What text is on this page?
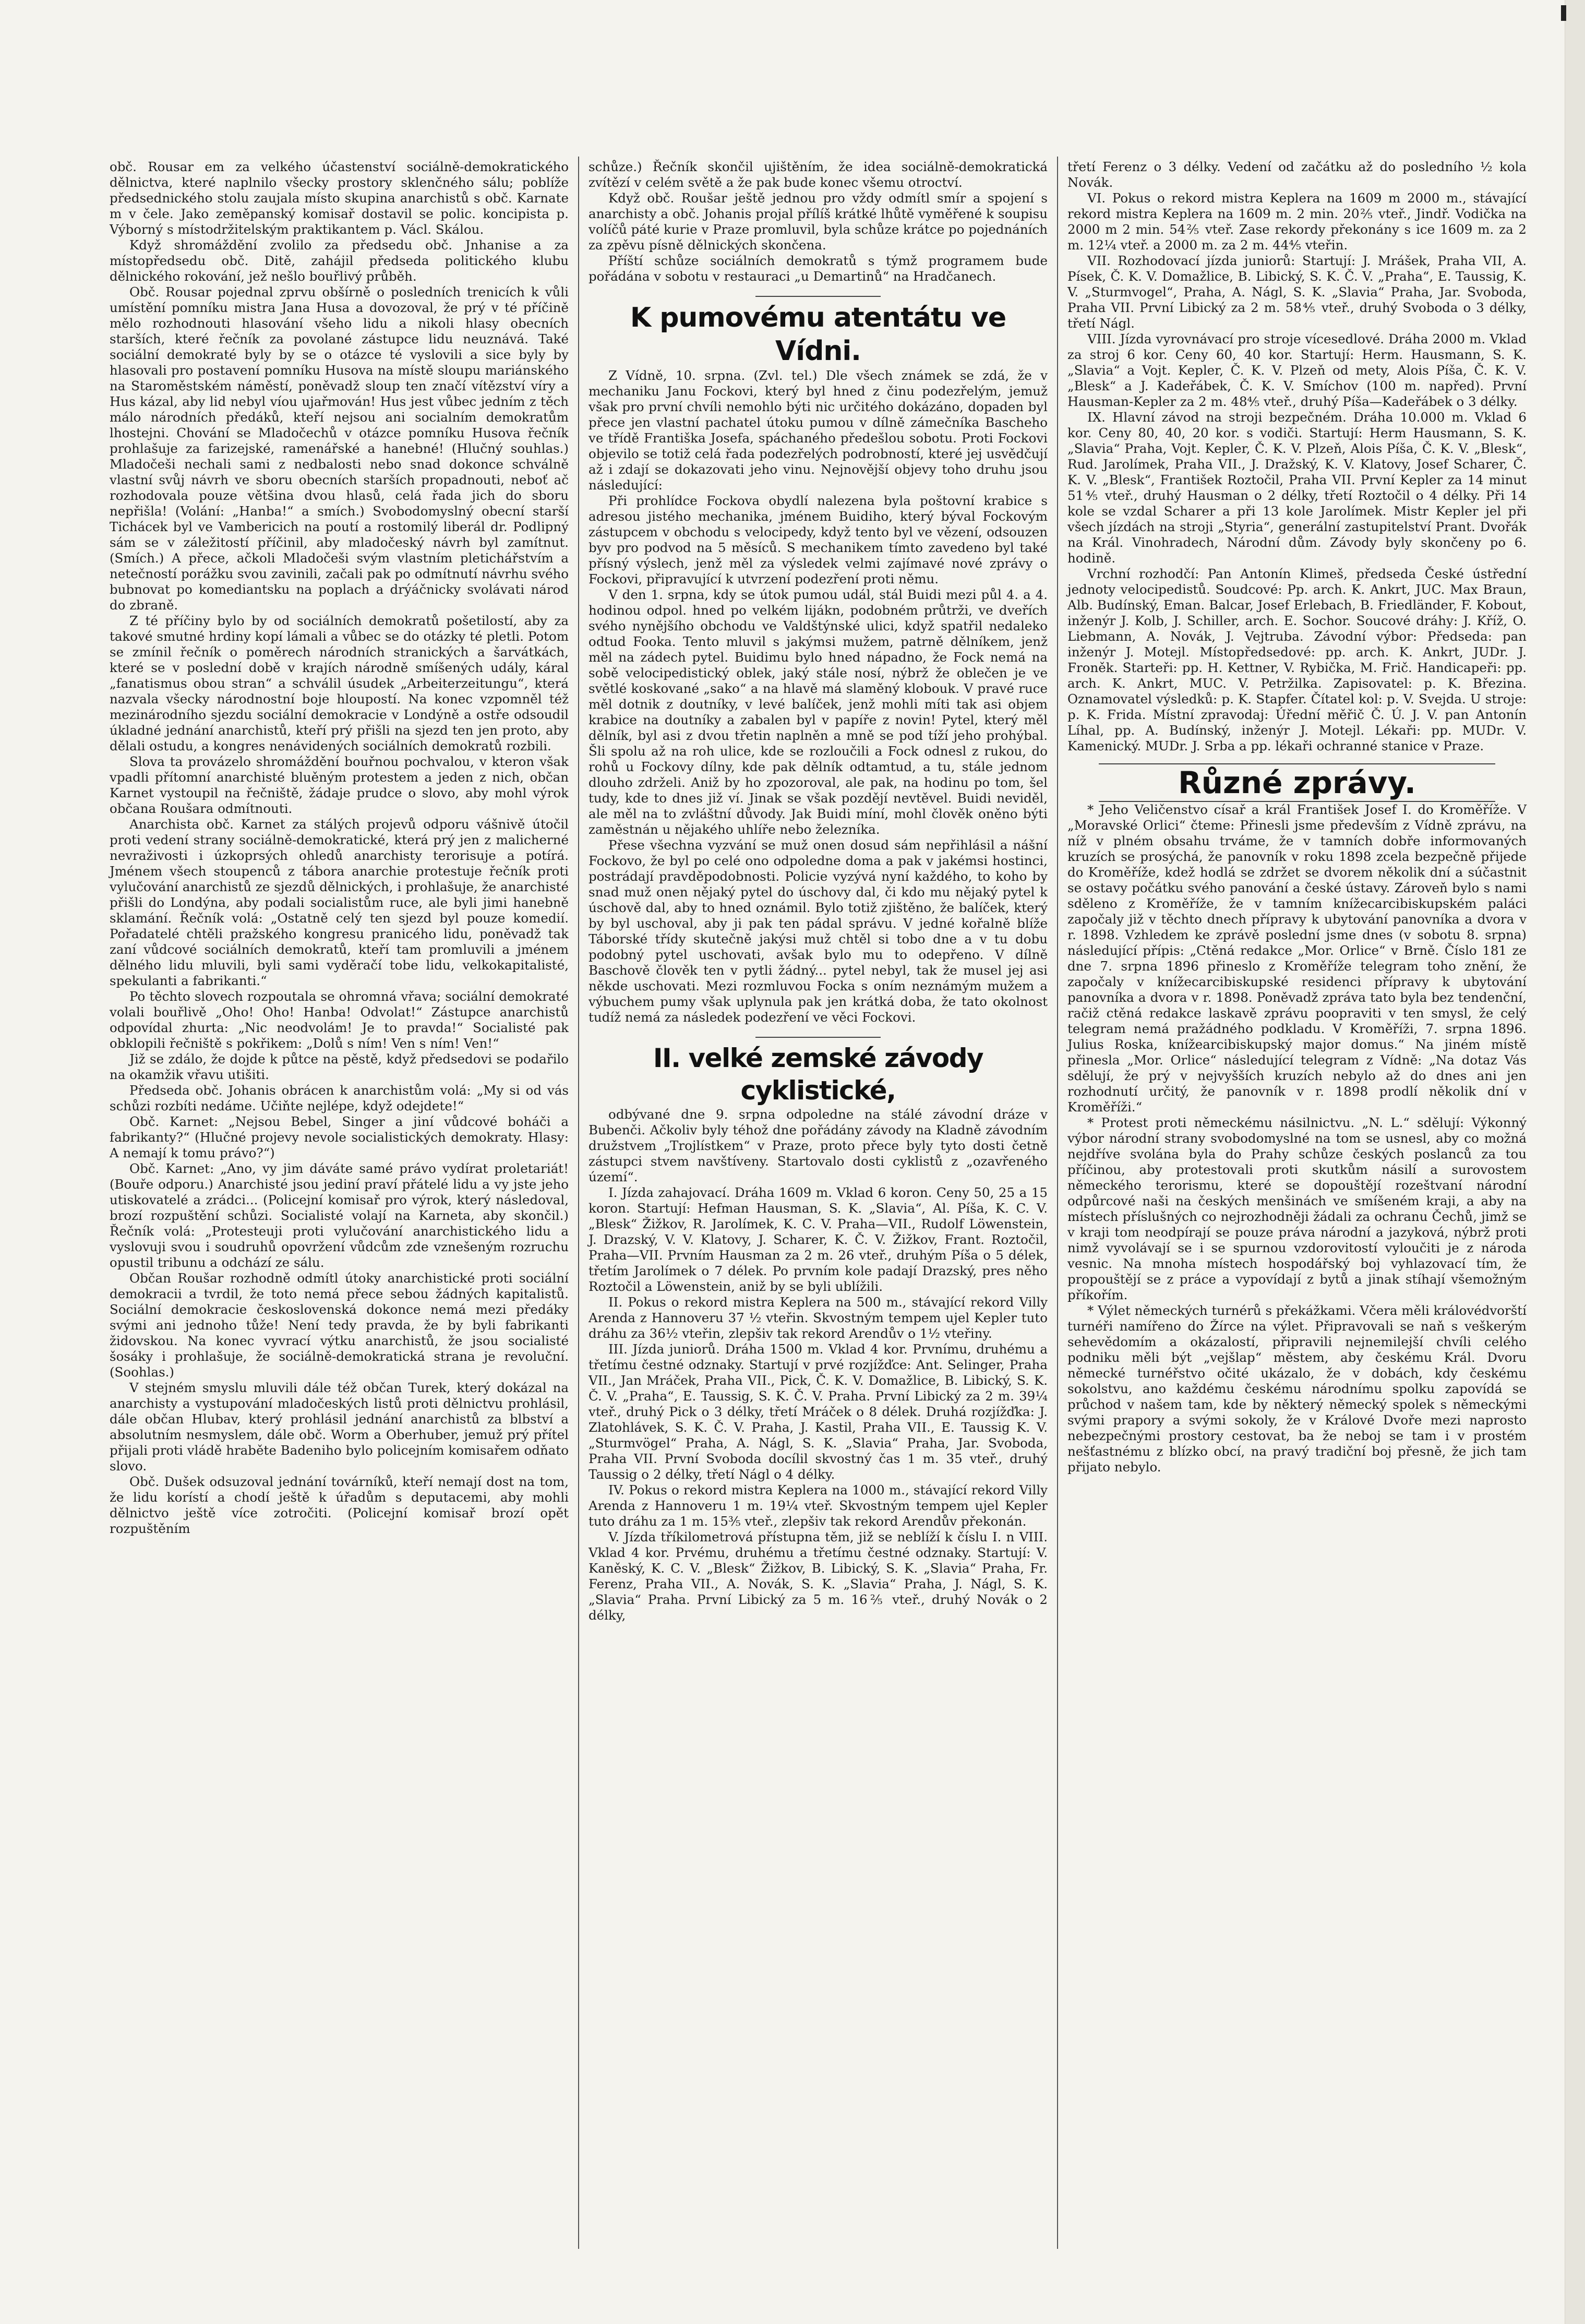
obč. Rousar em za velkého účastenství sociálně-demokratického dělnictva, které naplnilo všecky prostory sklenčného sálu; poblíže předsednického stolu zaujala místo skupina anarchistů s obč. Karnate m v čele. Jako zeměpanský komisař dostavil se polic. koncipista p. Výborný s místodržitelským praktikantem p. Václ. Skálou.

Když shromáždění zvolilo za předsedu obč. Jnhanise a za místopředsedu obč. Ditě, zahájil předseda politického klubu dělnického rokování, jež nešlo bouřlivý průběh.

Obč. Rousar pojednal zprvu obšírně o posledních trenicích k vůli umístění pomníku mistra Jana Husa a dovozoval, že prý v té příčině mělo rozhodnouti hlasování všeho lidu a nikoli hlasy obecních starších, které řečník za povolané zástupce lidu neuznává. Také sociální demokraté byly by se o otázce té vyslovili a sice byly by hlasovali pro postavení pomníku Husova na místě sloupu mariánského na Staroměstském náměstí, poněvadž sloup ten značí vítězství víry a Hus kázal, aby lid nebyl víou ujařmován! Hus jest vůbec jedním z těch málo národních předáků, kteří nejsou ani socialním demokratům lhostejni. Chování se Mladočechů v otázce pomníku Husova řečník prohlašuje za farizejské, ramenářské a hanebné! (Hlučný souhlas.) Mladočeši nechali sami z nedbalosti nebo snad dokonce schválně vlastní svůj návrh ve sboru obecních starších propadnouti, neboť ač rozhodovala pouze většina dvou hlasů, celá řada jich do sboru nepřišla! (Volání: „Hanba!“ a smích.) Svobodomyslný obecní starší Tichácek byl ve Vambericich na poutí a rostomilý liberál dr. Podlipný sám se v záležitostí příčinil, aby mladočeský návrh byl zamítnut. (Smích.) A přece, ačkoli Mladočeši svým vlastním pletichářstvím a netečností porážku svou zavinili, začali pak po odmítnutí návrhu svého bubnovat po komediantsku na poplach a drýáčnicky svolávati národ do zbraně.

Z té příčiny bylo by od sociálních demokratů pošetilostí, aby za takové smutné hrdiny kopí lámali a vůbec se do otázky té pletli. Potom se zmínil řečník o poměrech národních stranických a šarvátkách, které se v poslední době v krajích národně smíšených udály, káral „fanatismus obou stran“ a schválil úsudek „Arbeiterzeitungu“, která nazvala všecky národnostní boje hloupostí. Na konec vzpomněl též mezinárodního sjezdu sociální demokracie v Londýně a ostře odsoudil úkladné jednání anarchistů, kteří prý přišli na sjezd ten jen proto, aby dělali ostudu, a kongres nenávidených sociálních demokratů rozbili.

Slova ta provázelo shromáždění bouřnou pochvalou, v kteron však vpadli přítomní anarchisté bluěným protestem a jeden z nich, občan Karnet vystoupil na řečniště, žádaje prudce o slovo, aby mohl výrok občana Roušara odmítnouti.

Anarchista obč. Karnet za stálých projevů odporu vášnivě útočil proti vedení strany sociálně-demokratické, která prý jen z malicherné nevraživosti i úzkoprsých ohledů anarchisty terorisuje a potírá. Jménem všech stoupenců z tábora anarchie protestuje řečník proti vylučování anarchistů ze sjezdů dělnických, i prohlašuje, že anarchisté přišli do Londýna, aby podali socialistům ruce, ale byli jimi hanebně sklamání. Řečník volá: „Ostatně celý ten sjezd byl pouze komedií. Pořadatelé chtěli pražského kongresu pranicého lidu, poněvadž tak zaní vůdcové sociálních demokratů, kteří tam promluvili a jménem dělného lidu mluvili, byli sami vyděračí tobe lidu, velkokapitalisté, spekulanti a fabrikanti.“

Po těchto slovech rozpoutala se ohromná vřava; sociální demokraté volali bouřlivě „Oho! Oho! Hanba! Odvolat!“ Zástupce anarchistů odpovídal zhurta: „Nic neodvolám! Je to pravda!“ Socialisté pak obklopili řečniště s pokřikem: „Dolů s ním! Ven s ním! Ven!“

Již se zdálo, že dojde k půtce na pěstě, když předsedovi se podařilo na okamžik vřavu utišiti.

Předseda obč. Johanis obrácen k anarchistům volá: „My si od vás schůzi rozbíti nedáme. Učiňte nejlépe, když odejdete!“

Obč. Karnet: „Nejsou Bebel, Singer a jiní vůdcové boháči a fabrikanty?“ (Hlučné projevy nevole socialistických demokraty. Hlasy: A nemají k tomu právo?“)

Obč. Karnet: „Ano, vy jim dáváte samé právo vydírat proletariát! (Bouře odporu.) Anarchisté jsou jediní praví přátelé lidu a vy jste jeho utiskovatelé a zrádci... (Policejní komisař pro výrok, který následoval, brozí rozpuštění schůzi. Socialisté volají na Karneta, aby skončil.) Řečník volá: „Protesteuji proti vylučování anarchistického lidu a vyslovuji svou i soudruhů opovržení vůdcům zde vznešeným rozruchu opustil tribunu a odchází ze sálu.

Občan Roušar rozhodně odmítl útoky anarchistické proti sociální demokracii a tvrdil, že toto nemá přece sebou žádných kapitalistů. Sociální demokracie československá dokonce nemá mezi předáky svými ani jednoho tůže! Není tedy pravda, že by byli fabrikanti židovskou. Na konec vyvrací výtku anarchistů, že jsou socialisté šosáky i prohlašuje, že sociálně-demokratická strana je revoluční. (Soohlas.)

V stejném smyslu mluvili dále též občan Turek, který dokázal na anarchisty a vystupování mladočeských listů proti dělnictvu prohlásil, dále občan Hlubav, který prohlásil jednání anarchistů za blbství a absolutním nesmyslem, dále obč. Worm a Oberhuber, jemuž prý přítel přijali proti vládě hraběte Badeniho bylo policejním komisařem odňato slovo.

Obč. Dušek odsuzoval jednání továrníků, kteří nemají dost na tom, že lidu korístí a chodí ještě k úřadům s deputacemi, aby mohli dělnictvo ještě více zotročiti. (Policejní komisař brozí opět rozpuštěním

schůze.) Řečník skončil ujištěním, že idea sociálně-demokratická zvítězí v celém světě a že pak bude konec všemu otroctví.

Když obč. Roušar ještě jednou pro vždy odmítl smír a spojení s anarchisty a obč. Johanis projal přílíš krátké lhůtě vyměřené k soupisu volíčů páté kurie v Praze promluvil, byla schůze krátce po pojednáních za zpěvu písně dělnických skončena.

Příští schůze sociálních demokratů s týmž programem bude pořádána v sobotu v restauraci „u Demartinů“ na Hradčanech.

K pumovému atentátu ve Vídni.

Z Vídně, 10. srpna. (Zvl. tel.) Dle všech známek se zdá, že v mechaniku Janu Fockovi, který byl hned z činu podezřelým, jemuž však pro první chvíli nemohlo býti nic určitého dokázáno, dopaden byl přece jen vlastní pachatel útoku pumou v dílně zámečníka Bascheho ve třídě Františka Josefa, spáchaného předešlou sobotu. Proti Fockovi objevilo se totiž celá řada podezřelých podrobností, které jej usvědčují až i zdají se dokazovati jeho vinu. Nejnovější objevy toho druhu jsou následující:

Při prohlídce Fockova obydlí nalezena byla poštovní krabice s adresou jistého mechanika, jménem Buidiho, který býval Fockovým zástupcem v obchodu s velocipedy, když tento byl ve vězení, odsouzen byv pro podvod na 5 měsíců. S mechanikem tímto zavedeno byl také přísný výslech, jenž měl za výsledek velmi zajímavé nové zprávy o Fockovi, připravující k utvrzení podezření proti němu.

V den 1. srpna, kdy se útok pumou udál, stál Buidi mezi půl 4. a 4. hodinou odpol. hned po velkém lijákn, podobném průtrži, ve dveřích svého nynějšího obchodu ve Valdštýnské ulici, když spatřil nedaleko odtud Fooka. Tento mluvil s jakýmsi mužem, patrně dělníkem, jenž měl na zádech pytel. Buidimu bylo hned nápadno, že Fock nemá na sobě velocipedistický oblek, jaký stále nosí, nýbrž že oblečen je ve světlé koskované „sako“ a na hlavě má slaměný klobouk. V pravé ruce měl dotnik z doutníky, v levé balíček, jenž mohli míti tak asi objem krabice na doutníky a zabalen byl v papíře z novin! Pytel, který měl dělník, byl asi z dvou třetin naplněn a mně se pod tíží jeho prohýbal. Šli spolu až na roh ulice, kde se rozloučili a Fock odnesl z rukou, do rohů u Fockovy dílny, kde pak dělník odtamtud, a tu, stále jednom dlouho zdrželi. Aniž by ho zpozoroval, ale pak, na hodinu po tom, šel tudy, kde to dnes již ví. Jinak se však pozdějí nevtěvel. Buidi neviděl, ale měl na to zvláštní důvody. Jak Buidi míní, mohl člověk oněno býti zaměstnán u nějakého uhlíře nebo železníka.

Přese všechna vyzvání se muž onen dosud sám nepřihlásil a nášní Fockovo, že byl po celé ono odpoledne doma a pak v jakémsi hostinci, postrádají pravděpodobnosti. Policie vyzývá nyní každého, to koho by snad muž onen nějaký pytel do úschovy dal, či kdo mu nějaký pytel k úschově dal, aby to hned oznámil. Bylo totiž zjištěno, že balíček, který by byl uschoval, aby ji pak ten pádal správu. V jedné kořalně blíže Táborské třídy skutečně jakýsi muž chtěl si tobo dne a v tu dobu podobný pytel uschovati, avšak bylo mu to odepřeno. V dílně Baschově člověk ten v pytli žádný... pytel nebyl, tak že musel jej asi někde uschovati. Mezi rozmluvou Focka s oním neznámým mužem a výbuchem pumy však uplynula pak jen krátká doba, že tato okolnost tudíž nemá za následek podezření ve věci Fockovi.

II. velké zemské závody cyklistické,

odbývané dne 9. srpna odpoledne na stálé závodní dráze v Bubenči. Ačkoliv byly téhož dne pořádány závody na Kladně závodním družstvem „Trojlístkem“ v Praze, proto přece byly tyto dosti četně zástupci stvem navštíveny. Startovalo dosti cyklistů z „ozavřeného území“.

I. Jízda zahajovací. Dráha 1609 m. Vklad 6 koron. Ceny 50, 25 a 15 koron. Startují: Hefman Hausman, S. K. „Slavia“, Al. Píša, K. C. V. „Blesk“ Žižkov, R. Jarolímek, K. C. V. Praha—VII., Rudolf Löwenstein, J. Drazský, V. V. Klatovy, J. Scharer, K. Č. V. Žižkov, Frant. Roztočil, Praha—VII. Prvním Hausman za 2 m. 26 vteř., druhým Píša o 5 délek, třetím Jarolímek o 7 délek. Po prvním kole padají Drazský, pres něho Roztočil a Löwenstein, aniž by se byli ublížili.

II. Pokus o rekord mistra Keplera na 500 m., stávající rekord Villy Arenda z Hannoveru 37 ½ vteřin. Skvostným tempem ujel Kepler tuto dráhu za 36½ vteřin, zlepšiv tak rekord Arendův o 1½ vteřiny.

III. Jízda juniorů. Dráha 1500 m. Vklad 4 kor. Prvnímu, druhému a třetímu čestné odznaky. Startují v prvé rozjížďce: Ant. Selinger, Praha VII., Jan Mráček, Praha VII., Pick, Č. K. V. Domažlice, B. Libický, S. K. Č. V. „Praha“, E. Taussig, S. K. Č. V. Praha. První Libický za 2 m. 39¼ vteř., druhý Pick o 3 délky, třetí Mráček o 8 délek. Druhá rozjížďka: J. Zlatohlávek, S. K. Č. V. Praha, J. Kastil, Praha VII., E. Taussig K. V. „Sturmvögel“ Praha, A. Nágl, S. K. „Slavia“ Praha, Jar. Svoboda, Praha VII. První Svoboda docílil skvostný čas 1 m. 35 vteř., druhý Taussig o 2 délky, třetí Nágl o 4 délky.

IV. Pokus o rekord mistra Keplera na 1000 m., stávající rekord Villy Arenda z Hannoveru 1 m. 19¼ vteř. Skvostným tempem ujel Kepler tuto dráhu za 1 m. 15⅗ vteř., zlepšiv tak rekord Arendův překonán.

V. Jízda tříkilometrová přístupna těm, již se neblíží k číslu I. n VIII. Vklad 4 kor. Prvému, druhému a třetímu čestné odznaky. Startují: V. Kaněský, K. C. V. „Blesk“ Žižkov, B. Libický, S. K. „Slavia“ Praha, Fr. Ferenz, Praha VII., A. Novák, S. K. „Slavia“ Praha, J. Nágl, S. K. „Slavia“ Praha. První Libický za 5 m. 16⅖ vteř., druhý Novák o 2 délky,

třetí Ferenz o 3 délky. Vedení od začátku až do posledního ½ kola Novák.

VI. Pokus o rekord mistra Keplera na 1609 m 2000 m., stávající rekord mistra Keplera na 1609 m. 2 min. 20⅖ vteř., Jindř. Vodička na 2000 m 2 min. 54⅖ vteř. Zase rekordy překonány s ice 1609 m. za 2 m. 12¼ vteř. a 2000 m. za 2 m. 44⅘ vteřin.

VII. Rozhodovací jízda juniorů: Startují: J. Mrášek, Praha VII, A. Písek, Č. K. V. Domažlice, B. Libický, S. K. Č. V. „Praha“, E. Taussig, K. V. „Sturmvogel“, Praha, A. Nágl, S. K. „Slavia“ Praha, Jar. Svoboda, Praha VII. První Libický za 2 m. 58⅘ vteř., druhý Svoboda o 3 délky, třetí Nágl.

VIII. Jízda vyrovnávací pro stroje vícesedlové. Dráha 2000 m. Vklad za stroj 6 kor. Ceny 60, 40 kor. Startují: Herm. Hausmann, S. K. „Slavia“ a Vojt. Kepler, Č. K. V. Plzeň od mety, Alois Píša, Č. K. V. „Blesk“ a J. Kadeřábek, Č. K. V. Smíchov (100 m. napřed). První Hausman-Kepler za 2 m. 48⅘ vteř., druhý Píša—Kadeřábek o 3 délky.

IX. Hlavní závod na stroji bezpečném. Dráha 10.000 m. Vklad 6 kor. Ceny 80, 40, 20 kor. s vodiči. Startují: Herm Hausmann, S. K. „Slavia“ Praha, Vojt. Kepler, Č. K. V. Plzeň, Alois Píša, Č. K. V. „Blesk“, Rud. Jarolímek, Praha VII., J. Dražský, K. V. Klatovy, Josef Scharer, Č. K. V. „Blesk“, František Roztočil, Praha VII. První Kepler za 14 minut 51⅘ vteř., druhý Hausman o 2 délky, třetí Roztočil o 4 délky. Při 14 kole se vzdal Scharer a při 13 kole Jarolímek. Mistr Kepler jel při všech jízdách na stroji „Styria“, generální zastupitelství Prant. Dvořák na Král. Vinohradech, Národní dům. Závody byly skončeny po 6. hodině.

Vrchní rozhodčí: Pan Antonín Klimeš, předseda České ústřední jednoty velocipedistů. Soudcové: Pp. arch. K. Ankrt, JUC. Max Braun, Alb. Budínský, Eman. Balcar, Josef Erlebach, B. Friedländer, F. Kobout, inženýr J. Kolb, J. Schiller, arch. E. Sochor. Soucové dráhy: J. Kříž, O. Liebmann, A. Novák, J. Vejtruba. Závodní výbor: Předseda: pan inženýr J. Motejl. Místopředsedové: pp. arch. K. Ankrt, JUDr. J. Froněk. Starteři: pp. H. Kettner, V. Rybička, M. Frič. Handicapeři: pp. arch. K. Ankrt, MUC. V. Petržilka. Zapisovatel: p. K. Březina. Oznamovatel výsledků: p. K. Stapfer. Čítatel kol: p. V. Svejda. U stroje: p. K. Frida. Místní zpravodaj: Úřední měřič Č. Ú. J. V. pan Antonín Líhal, pp. A. Budínský, inženýr J. Motejl. Lékaři: pp. MUDr. V. Kamenický. MUDr. J. Srba a pp. lékaři ochranné stanice v Praze.

Různé zprávy.

* Jeho Veličenstvo císař a král František Josef I. do Kroměříže. V „Moravské Orlici“ čteme: Přinesli jsme především z Vídně zprávu, na níž v plném obsahu trváme, že v tamních dobře informovaných kruzích se prosýchá, že panovník v roku 1898 zcela bezpečně přijede do Kroměříže, kdež hodlá se zdržet se dvorem několik dní a súčastnit se ostavy počátku svého panování a české ústavy. Zároveň bylo s nami sděleno z Kroměříže, že v tamním knížecarcibiskupském paláci započaly již v těchto dnech přípravy k ubytování panovníka a dvora v r. 1898. Vzhledem ke zprávě poslední jsme dnes (v sobotu 8. srpna) následující přípis: „Ctěná redakce „Mor. Orlice“ v Brně. Číslo 181 ze dne 7. srpna 1896 přineslo z Kroměříže telegram toho znění, že započaly v knížecarcibiskupské residenci přípravy k ubytování panovníka a dvora v r. 1898. Poněvadž zpráva tato byla bez tendenční, račiž ctěná redakce laskavě zprávu poopraviti v ten smysl, že celý telegram nemá pražádného podkladu. V Kroměříži, 7. srpna 1896. Julius Roska, knížearcibiskupský major domus.“ Na jiném místě přinesla „Mor. Orlice“ následující telegram z Vídně: „Na dotaz Vás sdělují, že prý v nejvyšších kruzích nebylo až do dnes ani jen rozhodnutí určitý, že panovník v r. 1898 prodlí několik dní v Kroměříži.“

* Protest proti německému násilnictvu. „N. L.“ sdělují: Výkonný výbor národní strany svobodomyslné na tom se usnesl, aby co možná nejdříve svolána byla do Prahy schůze českých poslanců za tou příčinou, aby protestovali proti skutkům násilí a surovostem německého terorismu, které se dopouštějí rozeštvaní národní odpůrcové naši na českých menšinách ve smíšeném kraji, a aby na místech příslušných co nejrozhodněji žádali za ochranu Čechů, jimž se v kraji tom neodpírají se pouze práva národní a jazyková, nýbrž proti nimž vyvolávají se i se spurnou vzdorovitostí vyloučiti je z národa vesnic. Na mnoha místech hospodářský boj vyhlazovací tím, že propouštějí se z práce a vypovídají z bytů a jinak stíhají všemožným příkořím.

* Výlet německých turnérů s překážkami. Včera měli královédvorští turnéři namířeno do Žírce na výlet. Připravovali se naň s veškerým sehevědomím a okázalostí, připravili nejnemilejší chvíli celého podniku měli být „vejšlap“ městem, aby českému Král. Dvoru německé turnéřstvo očité ukázalo, že v dobách, kdy českému sokolstvu, ano každému českému národnímu spolku zapovídá se průchod v našem tam, kde by některý německý spolek s německými svými prapory a svými sokoly, že v Králové Dvoře mezi naprosto nebezpečnými prostory cestovat, ba že neboj se tam i v prostém nešťastnému z blízko obcí, na pravý tradiční boj přesně, že jich tam přijato nebylo.
